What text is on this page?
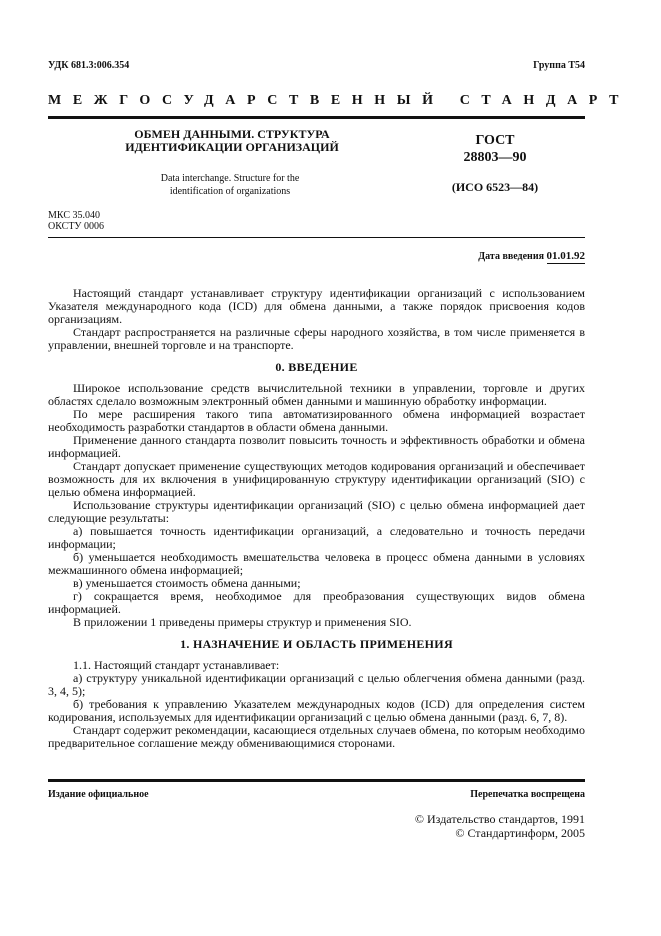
УДК 681.3:006.354	Группа Т54
МЕЖГОСУДАРСТВЕННЫЙ СТАНДАРТ
ОБМЕН ДАННЫМИ. СТРУКТУРА
ИДЕНТИФИКАЦИИ ОРГАНИЗАЦИЙ	ГОСТ
28803—90
Data interchange. Structure for the
identification of organizations	(ИСО 6523—84)
МКС 35.040
ОКСТУ 0006
Дата введения 01.01.92

Настоящий стандарт устанавливает структуру идентификации организаций с использованием Указателя международного кода (ICD) для обмена данными, а также порядок присвоения кодов организациям.

Стандарт распространяется на различные сферы народного хозяйства, в том числе применяется в управлении, внешней торговле и на транспорте.

0. ВВЕДЕНИЕ

Широкое использование средств вычислительной техники в управлении, торговле и других областях сделало возможным электронный обмен данными и машинную обработку информации.

По мере расширения такого типа автоматизированного обмена информацией возрастает необходимость разработки стандартов в области обмена данными.

Применение данного стандарта позволит повысить точность и эффективность обработки и обмена информацией.

Стандарт допускает применение существующих методов кодирования организаций и обеспечивает возможность для их включения в унифицированную структуру идентификации организаций (SIO) с целью обмена информацией.

Использование структуры идентификации организаций (SIO) с целью обмена информацией дает следующие результаты:

а) повышается точность идентификации организаций, а следовательно и точность передачи информации;

б) уменьшается необходимость вмешательства человека в процесс обмена данными в условиях межмашинного обмена информацией;

в) уменьшается стоимость обмена данными;

г) сокращается время, необходимое для преобразования существующих видов обмена информацией.

В приложении 1 приведены примеры структур и применения SIO.

1. НАЗНАЧЕНИЕ И ОБЛАСТЬ ПРИМЕНЕНИЯ

1.1. Настоящий стандарт устанавливает:

а) структуру уникальной идентификации организаций с целью облегчения обмена данными (разд. 3, 4, 5);

б) требования к управлению Указателем международных кодов (ICD) для определения систем кодирования, используемых для идентификации организаций с целью обмена данными (разд. 6, 7, 8).

Стандарт содержит рекомендации, касающиеся отдельных случаев обмена, по которым необходимо предварительное соглашение между обменивающимися сторонами.

Издание официальное	Перепечатка воспрещена
© Издательство стандартов, 1991
© Стандартинформ, 2005
